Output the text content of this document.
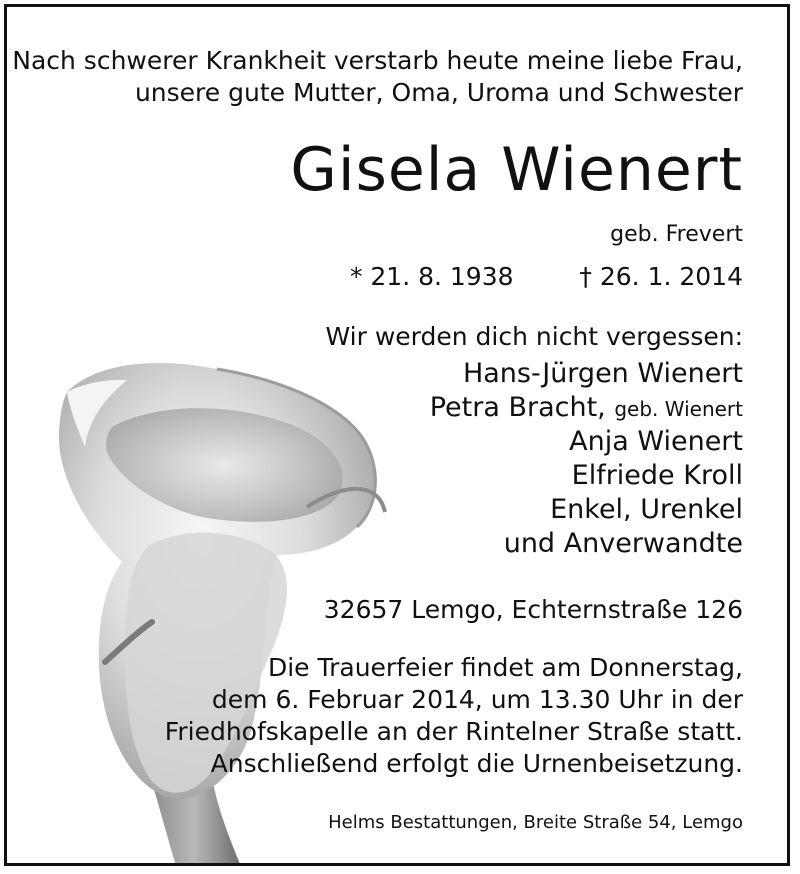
Nach schwerer Krankheit verstarb heute meine liebe Frau,
unsere gute Mutter, Oma, Uroma und Schwester
Gisela Wienert
geb. Frevert
* 21. 8. 1938	† 26. 1. 2014
Wir werden dich nicht vergessen:
Hans-Jürgen Wienert
Petra Bracht, geb. Wienert
Anja Wienert
Elfriede Kroll
Enkel, Urenkel
und Anverwandte
32657 Lemgo, Echternstraße 126
Die Trauerfeier findet am Donnerstag,
dem 6. Februar 2014, um 13.30 Uhr in der
Friedhofskapelle an der Rintelner Straße statt.
Anschließend erfolgt die Urnenbeisetzung.
Helms Bestattungen, Breite Straße 54, Lemgo
